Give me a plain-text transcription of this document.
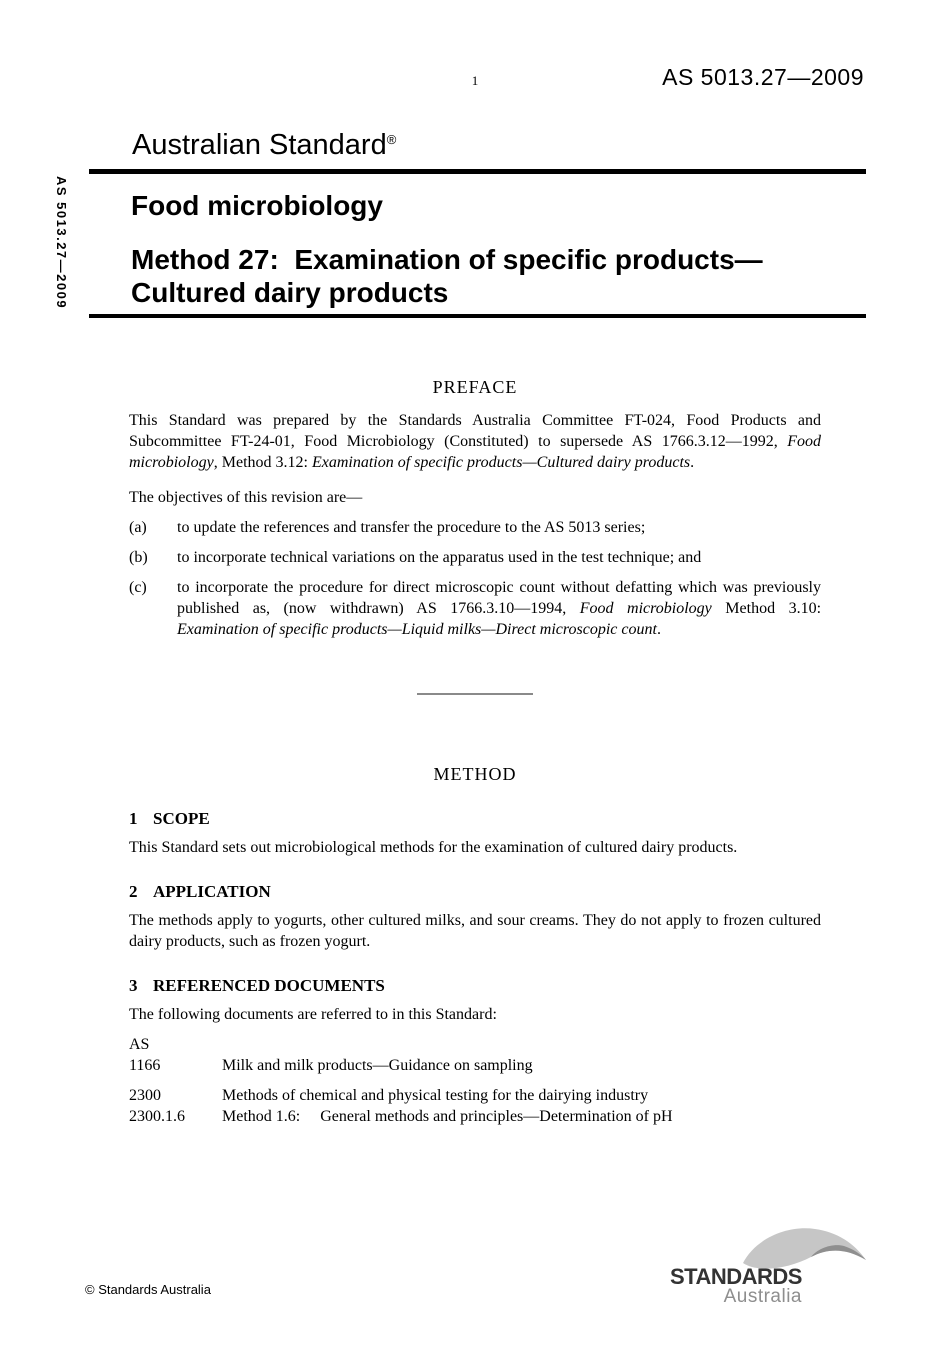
1	AS 5013.27—2009
AS 5013.27—2009
Australian Standard®
Food microbiology
Method 27:  Examination of specific products—
Cultured dairy products
PREFACE

This Standard was prepared by the Standards Australia Committee FT-024, Food Products and Subcommittee FT-24-01, Food Microbiology (Constituted) to supersede AS 1766.3.12—1992, Food microbiology, Method 3.12: Examination of specific products—Cultured dairy products.

The objectives of this revision are—

(a) to update the references and transfer the procedure to the AS 5013 series;
(b) to incorporate technical variations on the apparatus used in the test technique; and
(c) to incorporate the procedure for direct microscopic count without defatting which was previously published as, (now withdrawn) AS 1766.3.10—1994, Food microbiology Method 3.10: Examination of specific products—Liquid milks—Direct microscopic count.
METHOD
1 SCOPE

This Standard sets out microbiological methods for the examination of cultured dairy products.

2 APPLICATION

The methods apply to yogurts, other cultured milks, and sour creams. They do not apply to frozen cultured dairy products, such as frozen yogurt.

3 REFERENCED DOCUMENTS

The following documents are referred to in this Standard:

AS
1166	Milk and milk products—Guidance on sampling
2300	Methods of chemical and physical testing for the dairying industry
2300.1.6 Method 1.6:     General methods and principles—Determination of pH
© Standards Australia
STANDARDS
Australia
